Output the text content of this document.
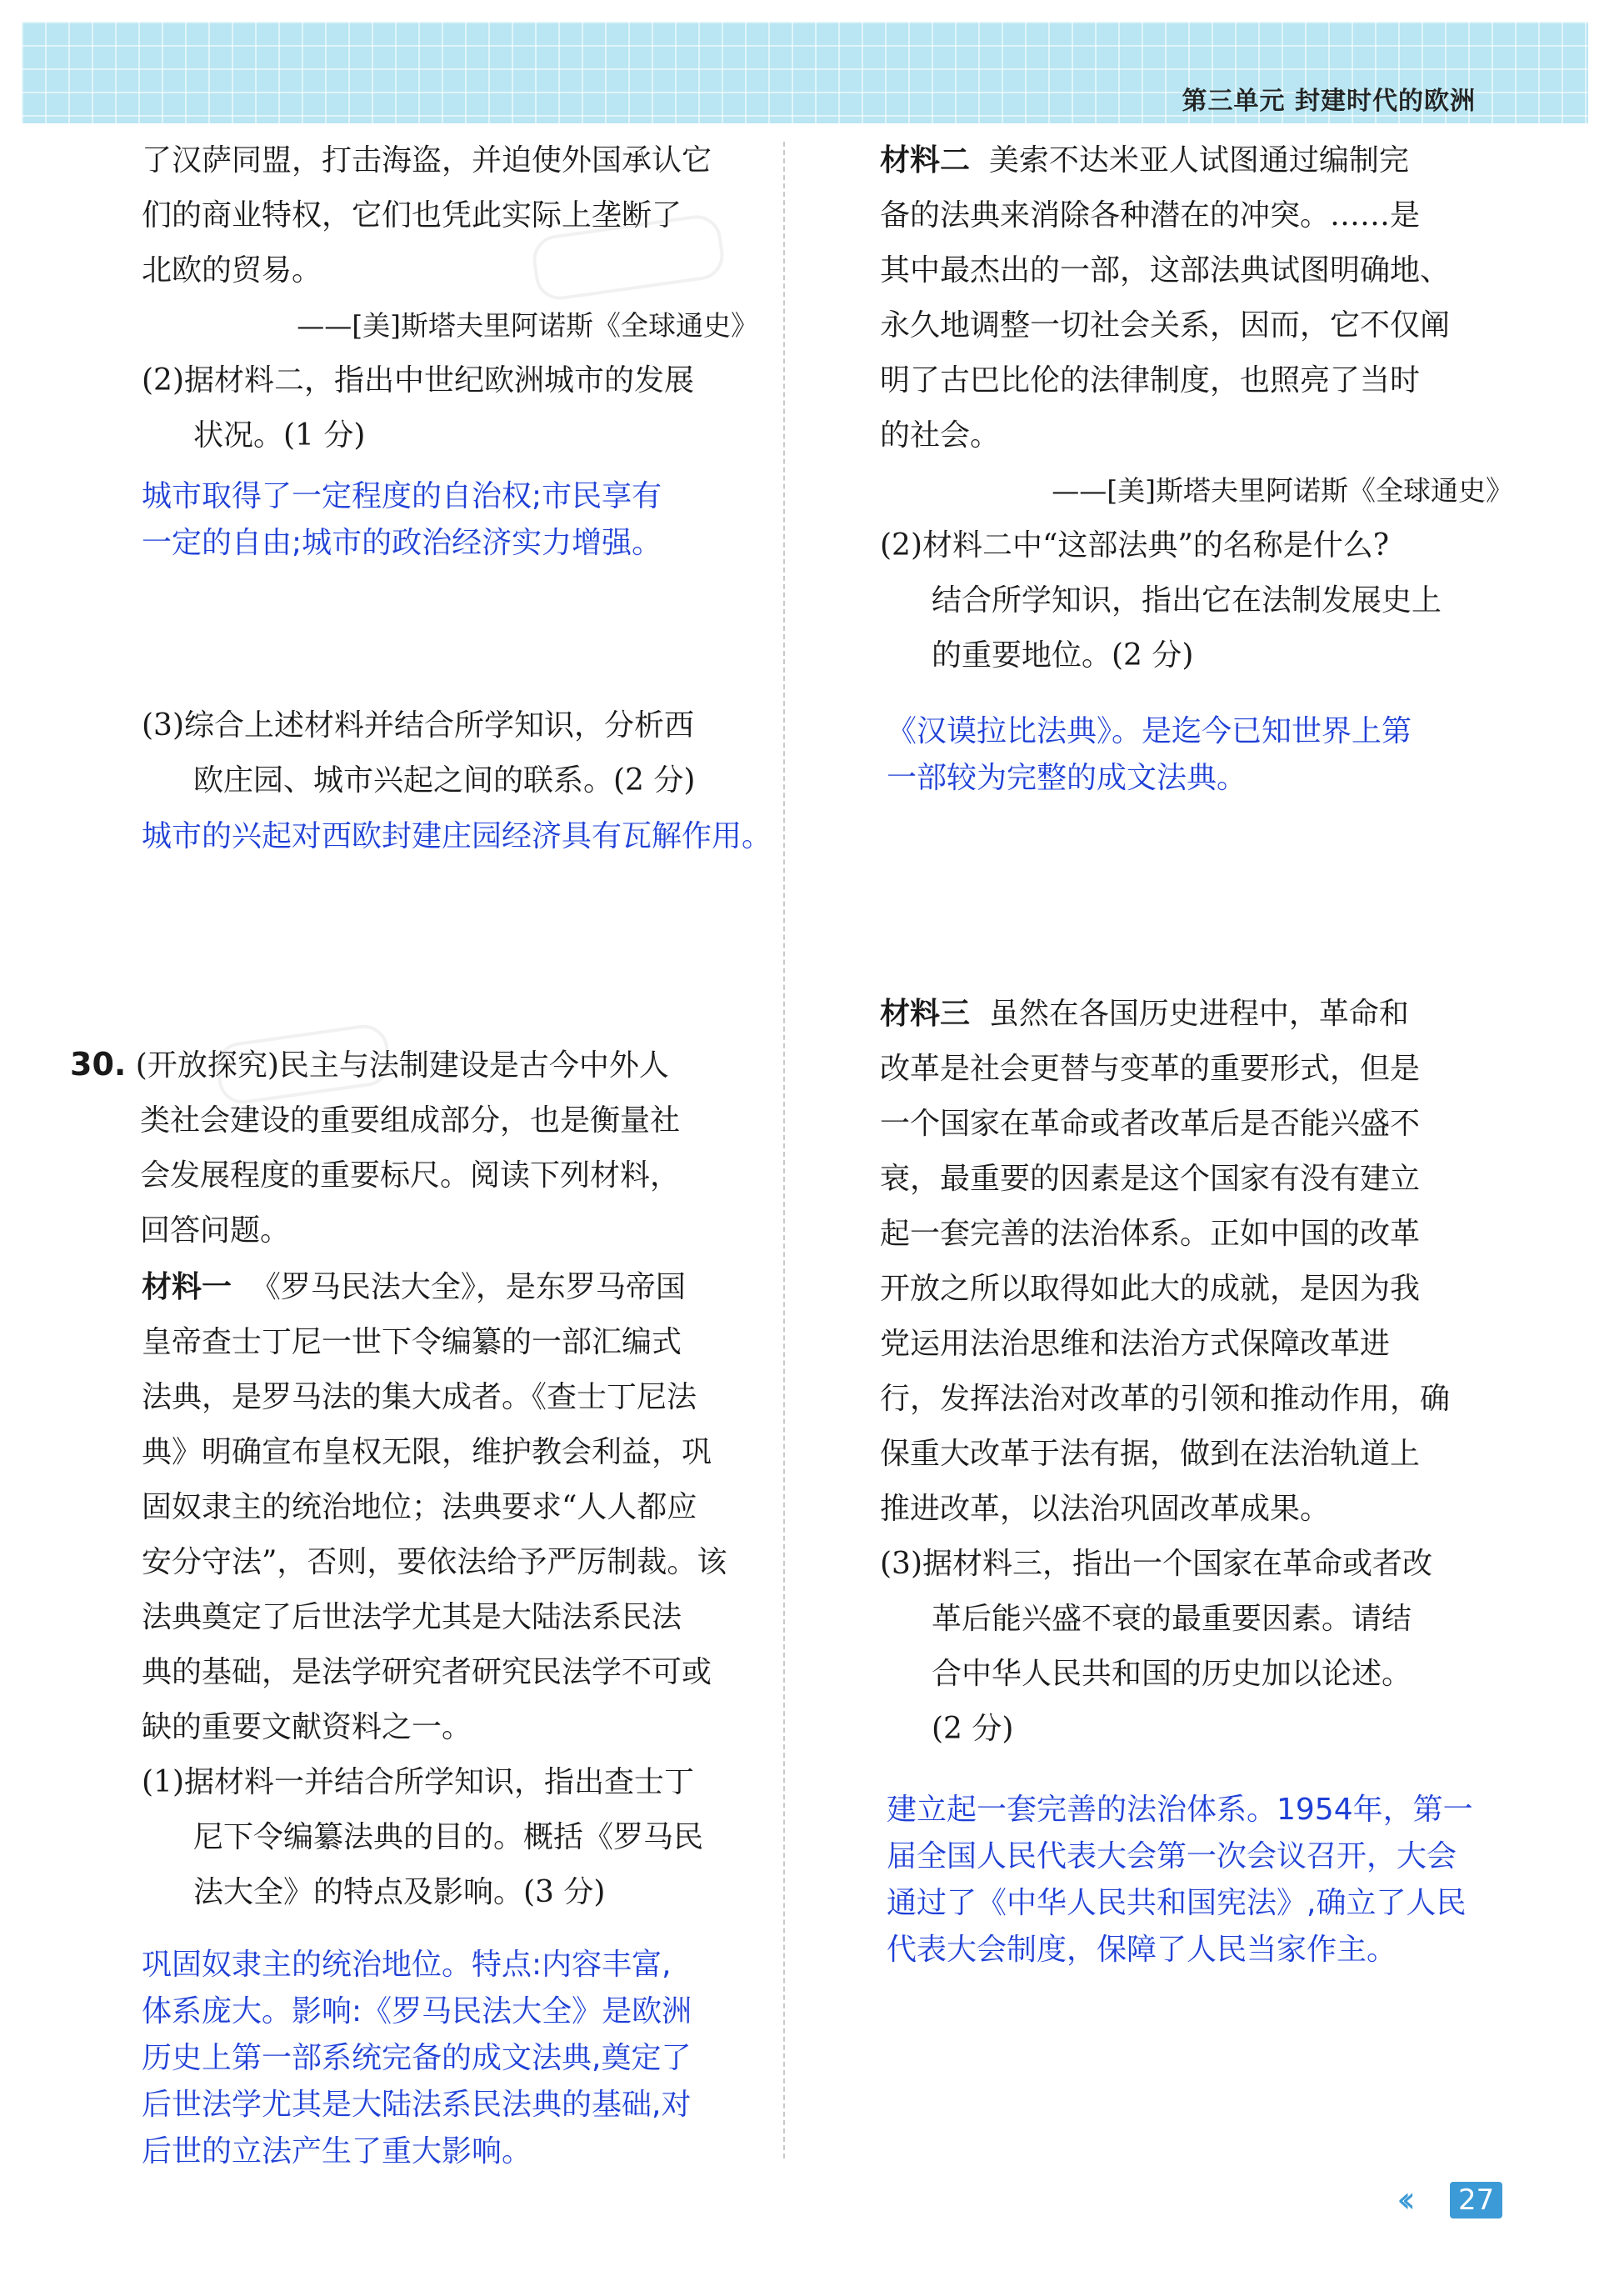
第三单元 封建时代的欧洲
了汉萨同盟，打击海盗，并迫使外国承认它
们的商业特权，它们也凭此实际上垄断了
北欧的贸易。
——[美]斯塔夫里阿诺斯《全球通史》
(2)据材料二，指出中世纪欧洲城市的发展
状况。(1 分)
城市取得了一定程度的自治权;市民享有
一定的自由;城市的政治经济实力增强。
(3)综合上述材料并结合所学知识，分析西
欧庄园、城市兴起之间的联系。(2 分)
城市的兴起对西欧封建庄园经济具有瓦解作用。
30. (开放探究)民主与法制建设是古今中外人
类社会建设的重要组成部分，也是衡量社
会发展程度的重要标尺。阅读下列材料，
回答问题。
材料一 《罗马民法大全》，是东罗马帝国
皇帝查士丁尼一世下令编纂的一部汇编式
法典，是罗马法的集大成者。《查士丁尼法
典》明确宣布皇权无限，维护教会利益，巩
固奴隶主的统治地位；法典要求“人人都应
安分守法”，否则，要依法给予严厉制裁。该
法典奠定了后世法学尤其是大陆法系民法
典的基础，是法学研究者研究民法学不可或
缺的重要文献资料之一。
(1)据材料一并结合所学知识，指出查士丁
尼下令编纂法典的目的。概括《罗马民
法大全》的特点及影响。(3 分)
巩固奴隶主的统治地位。特点:内容丰富,
体系庞大。影响:《罗马民法大全》是欧洲
历史上第一部系统完备的成文法典,奠定了
后世法学尤其是大陆法系民法典的基础,对
后世的立法产生了重大影响。
材料二 美索不达米亚人试图通过编制完
备的法典来消除各种潜在的冲突。……是
其中最杰出的一部，这部法典试图明确地、
永久地调整一切社会关系，因而，它不仅阐
明了古巴比伦的法律制度，也照亮了当时
的社会。
——[美]斯塔夫里阿诺斯《全球通史》
(2)材料二中“这部法典”的名称是什么?
结合所学知识，指出它在法制发展史上
的重要地位。(2 分)
《汉谟拉比法典》。是迄今已知世界上第
一部较为完整的成文法典。
材料三 虽然在各国历史进程中，革命和
改革是社会更替与变革的重要形式，但是
一个国家在革命或者改革后是否能兴盛不
衰，最重要的因素是这个国家有没有建立
起一套完善的法治体系。正如中国的改革
开放之所以取得如此大的成就，是因为我
党运用法治思维和法治方式保障改革进
行，发挥法治对改革的引领和推动作用，确
保重大改革于法有据，做到在法治轨道上
推进改革，以法治巩固改革成果。
(3)据材料三，指出一个国家在革命或者改
革后能兴盛不衰的最重要因素。请结
合中华人民共和国的历史加以论述。
(2 分)
建立起一套完善的法治体系。1954年，第一
届全国人民代表大会第一次会议召开，大会
通过了《中华人民共和国宪法》,确立了人民
代表大会制度，保障了人民当家作主。
‹‹ 27
